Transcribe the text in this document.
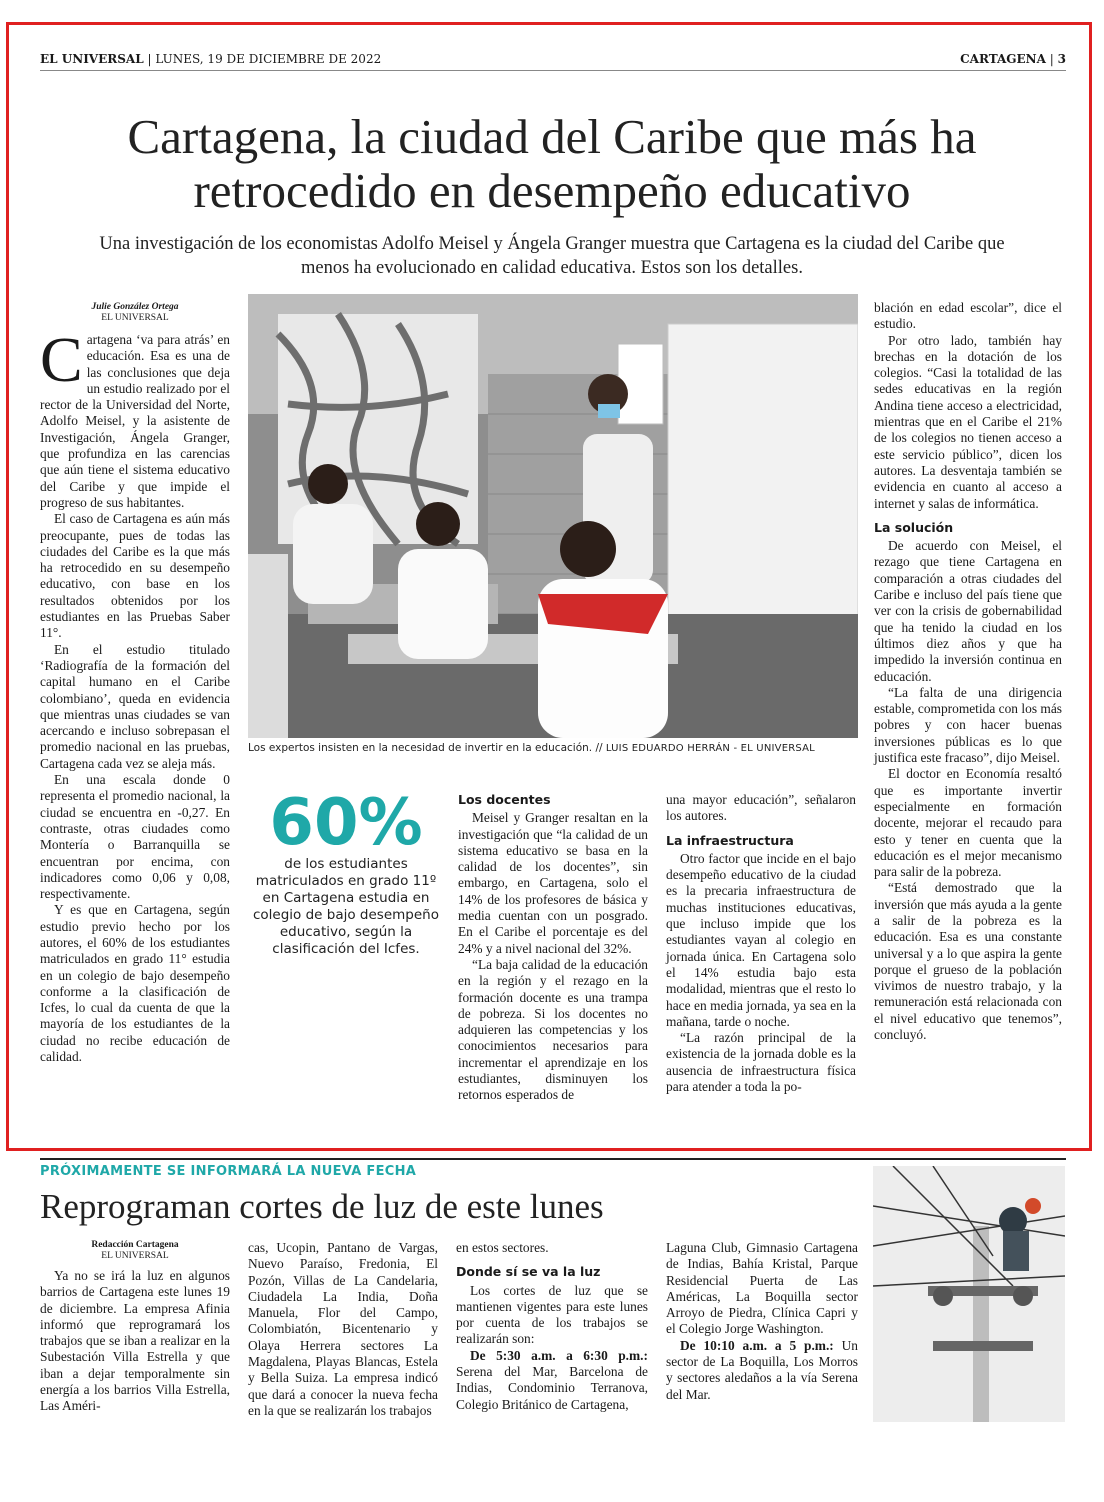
EL UNIVERSAL | LUNES, 19 DE DICIEMBRE DE 2022	CARTAGENA | 3
Cartagena, la ciudad del Caribe que más ha retrocedido en desempeño educativo
Una investigación de los economistas Adolfo Meisel y Ángela Granger muestra que Cartagena es la ciudad del Caribe que menos ha evolucionado en calidad educativa. Estos son los detalles.
Julie González Ortega
EL UNIVERSAL
C artagena ‘va para atrás’ en educación. Esa es una de las conclusiones que deja un estudio realizado por el rector de la Universidad del Norte, Adolfo Meisel, y la asistente de Investigación, Ángela Granger, que profundiza en las carencias que aún tiene el sistema educativo del Caribe y que impide el progreso de sus habitantes.

El caso de Cartagena es aún más preocupante, pues de todas las ciudades del Caribe es la que más ha retrocedido en su desempeño educativo, con base en los resultados obtenidos por los estudiantes en las Pruebas Saber 11°.

En el estudio titulado ‘Radiografía de la formación del capital humano en el Caribe colombiano’, queda en evidencia que mientras unas ciudades se van acercando e incluso sobrepasan el promedio nacional en las pruebas, Cartagena cada vez se aleja más.

En una escala donde 0 representa el promedio nacional, la ciudad se encuentra en -0,27. En contraste, otras ciudades como Montería o Barranquilla se encuentran por encima, con indicadores como 0,06 y 0,08, respectivamente.

Y es que en Cartagena, según estudio previo hecho por los autores, el 60% de los estudiantes matriculados en grado 11° estudia en un colegio de bajo desempeño conforme a la clasificación de Icfes, lo cual da cuenta de que la mayoría de los estudiantes de la ciudad no recibe educación de calidad.

Los expertos insisten en la necesidad de invertir en la educación. // LUIS EDUARDO HERRÁN - EL UNIVERSAL
60%
de los estudiantes matriculados en grado 11º en Cartagena estudia en colegio de bajo desempeño educativo, según la clasificación del Icfes.
Los docentes

Meisel y Granger resaltan en la investigación que “la calidad de un sistema educativo se basa en la calidad de los docentes”, sin embargo, en Cartagena, solo el 14% de los profesores de básica y media cuentan con un posgrado. En el Caribe el porcentaje es del 24% y a nivel nacional del 32%.

“La baja calidad de la educación en la región y el rezago en la formación docente es una trampa de pobreza. Si los docentes no adquieren las competencias y los conocimientos necesarios para incrementar el aprendizaje en los estudiantes, disminuyen los retornos esperados de

una mayor educación”, señalaron los autores.

La infraestructura

Otro factor que incide en el bajo desempeño educativo de la ciudad es la precaria infraestructura de muchas instituciones educativas, que incluso impide que los estudiantes vayan al colegio en jornada única. En Cartagena solo el 14% estudia bajo esta modalidad, mientras que el resto lo hace en media jornada, ya sea en la mañana, tarde o noche.

“La razón principal de la existencia de la jornada doble es la ausencia de infraestructura física para atender a toda la po-

blación en edad escolar”, dice el estudio.

Por otro lado, también hay brechas en la dotación de los colegios. “Casi la totalidad de las sedes educativas en la región Andina tiene acceso a electricidad, mientras que en el Caribe el 21% de los colegios no tienen acceso a este servicio público”, dicen los autores. La desventaja también se evidencia en cuanto al acceso a internet y salas de informática.

La solución

De acuerdo con Meisel, el rezago que tiene Cartagena en comparación a otras ciudades del Caribe e incluso del país tiene que ver con la crisis de gobernabilidad que ha tenido la ciudad en los últimos diez años y que ha impedido la inversión continua en educación.

“La falta de una dirigencia estable, comprometida con los más pobres y con hacer buenas inversiones públicas es lo que justifica este fracaso”, dijo Meisel.

El doctor en Economía resaltó que es importante invertir especialmente en formación docente, mejorar el recaudo para esto y tener en cuenta que la educación es el mejor mecanismo para salir de la pobreza.

“Está demostrado que la inversión que más ayuda a la gente a salir de la pobreza es la educación. Esa es una constante universal y a lo que aspira la gente porque el grueso de la población vivimos de nuestro trabajo, y la remuneración está relacionada con el nivel educativo que tenemos”, concluyó.

PRÓXIMAMENTE SE INFORMARÁ LA NUEVA FECHA
Reprograman cortes de luz de este lunes
Redacción Cartagena
EL UNIVERSAL

Ya no se irá la luz en algunos barrios de Cartagena este lunes 19 de diciembre. La empresa Afinia informó que reprogramará los trabajos que se iban a realizar en la Subestación Villa Estrella y que iban a dejar temporalmente sin energía a los barrios Villa Estrella, Las Améri-

cas, Ucopin, Pantano de Vargas, Nuevo Paraíso, Fredonia, El Pozón, Villas de La Candelaria, Ciudadela La India, Doña Manuela, Flor del Campo, Colombiatón, Bicentenario y Olaya Herrera sectores La Magdalena, Playas Blancas, Estela y Bella Suiza. La empresa indicó que dará a conocer la nueva fecha en la que se realizarán los trabajos

en estos sectores.

Donde sí se va la luz

Los cortes de luz que se mantienen vigentes para este lunes por cuenta de los trabajos se realizarán son:

De 5:30 a.m. a 6:30 p.m.: Serena del Mar, Barcelona de Indias, Condominio Terranova, Colegio Británico de Cartagena,

Laguna Club, Gimnasio Cartagena de Indias, Bahía Kristal, Parque Residencial Puerta de Las Américas, La Boquilla sector Arroyo de Piedra, Clínica Capri y el Colegio Jorge Washington.

De 10:10 a.m. a 5 p.m.: Un sector de La Boquilla, Los Morros y sectores aledaños a la vía Serena del Mar.
